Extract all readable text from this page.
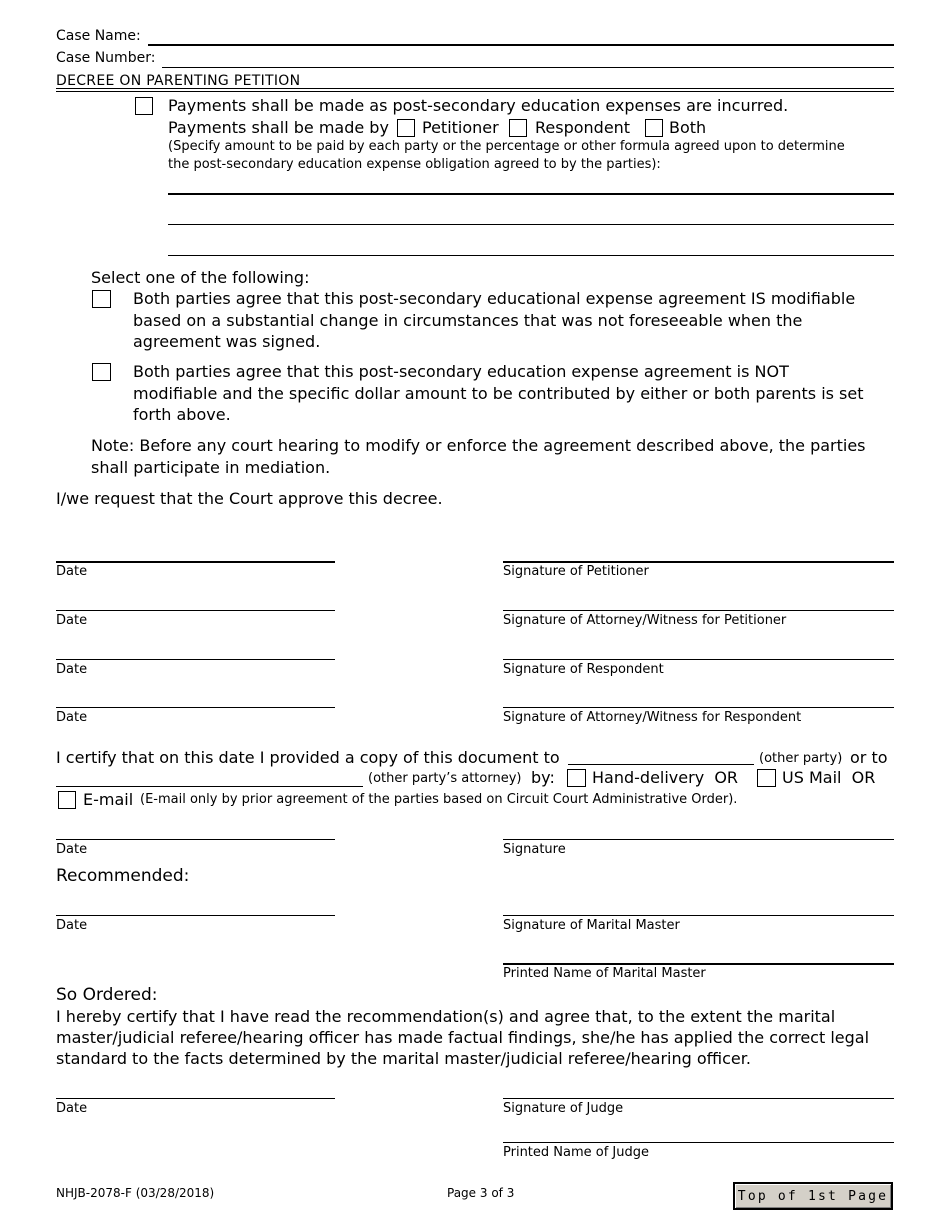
Case Name:
Case Number:
DECREE ON PARENTING PETITION
Payments shall be made as post-secondary education expenses are incurred.
Payments shall be made by Petitioner Respondent Both
(Specify amount to be paid by each party or the percentage or other formula agreed upon to determine
the post-secondary education expense obligation agreed to by the parties):
Select one of the following:
Both parties agree that this post-secondary educational expense agreement IS modifiable
based on a substantial change in circumstances that was not foreseeable when the
agreement was signed.
Both parties agree that this post-secondary education expense agreement is NOT
modifiable and the specific dollar amount to be contributed by either or both parents is set
forth above.
Note: Before any court hearing to modify or enforce the agreement described above, the parties
shall participate in mediation.
I/we request that the Court approve this decree.
Date	Signature of Petitioner
Date	Signature of Attorney/Witness for Petitioner
Date	Signature of Respondent
Date	Signature of Attorney/Witness for Respondent
I certify that on this date I provided a copy of this document to	(other party) or to
(other party’s attorney) by: Hand-delivery  OR	US Mail  OR
E-mail (E-mail only by prior agreement of the parties based on Circuit Court Administrative Order).
Date	Signature
Recommended:
Date	Signature of Marital Master
Printed Name of Marital Master
So Ordered:
I hereby certify that I have read the recommendation(s) and agree that, to the extent the marital
master/judicial referee/hearing officer has made factual findings, she/he has applied the correct legal
standard to the facts determined by the marital master/judicial referee/hearing officer.
Date	Signature of Judge
Printed Name of Judge
NHJB-2078-F (03/28/2018)	Page 3 of 3	Top of 1st Page
